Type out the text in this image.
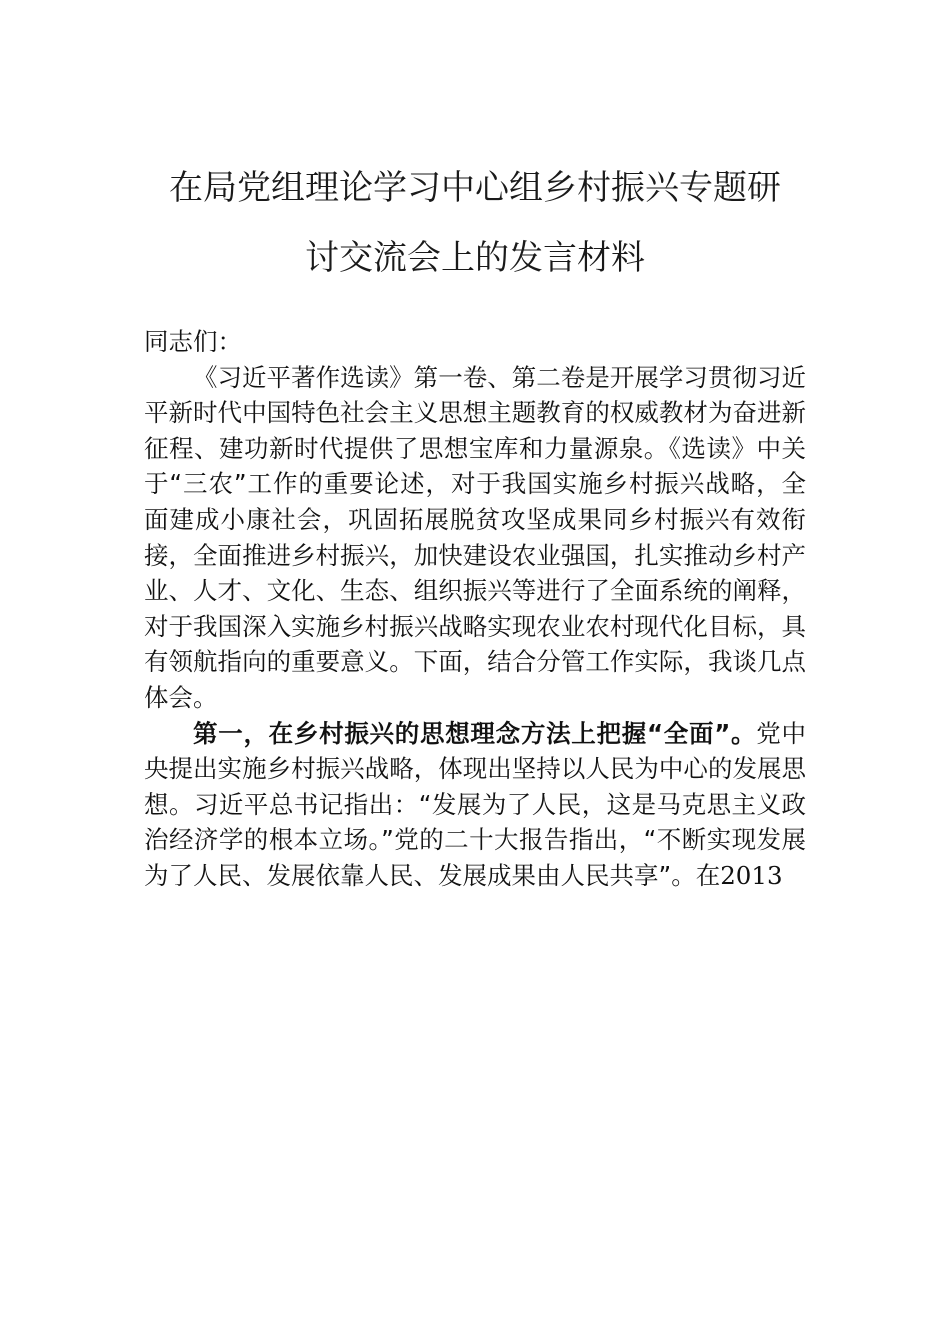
在局党组理论学习中心组乡村振兴专题研
讨交流会上的发言材料

同志们：

《习近平著作选读》第一卷、第二卷是开展学习贯彻习近平新时代中国特色社会主义思想主题教育的权威教材为奋进新征程、建功新时代提供了思想宝库和力量源泉。《选读》中关于“三农”工作的重要论述，对于我国实施乡村振兴战略，全面建成小康社会，巩固拓展脱贫攻坚成果同乡村振兴有效衔接，全面推进乡村振兴，加快建设农业强国，扎实推动乡村产业、人才、文化、生态、组织振兴等进行了全面系统的阐释，对于我国深入实施乡村振兴战略实现农业农村现代化目标，具有领航指向的重要意义。下面，结合分管工作实际，我谈几点体会。

第一，在乡村振兴的思想理念方法上把握“全面”。党中央提出实施乡村振兴战略，体现出坚持以人民为中心的发展思想。习近平总书记指出：“发展为了人民，这是马克思主义政治经济学的根本立场。”党的二十大报告指出，“不断实现发展为了人民、发展依靠人民、发展成果由人民共享”。在2013
